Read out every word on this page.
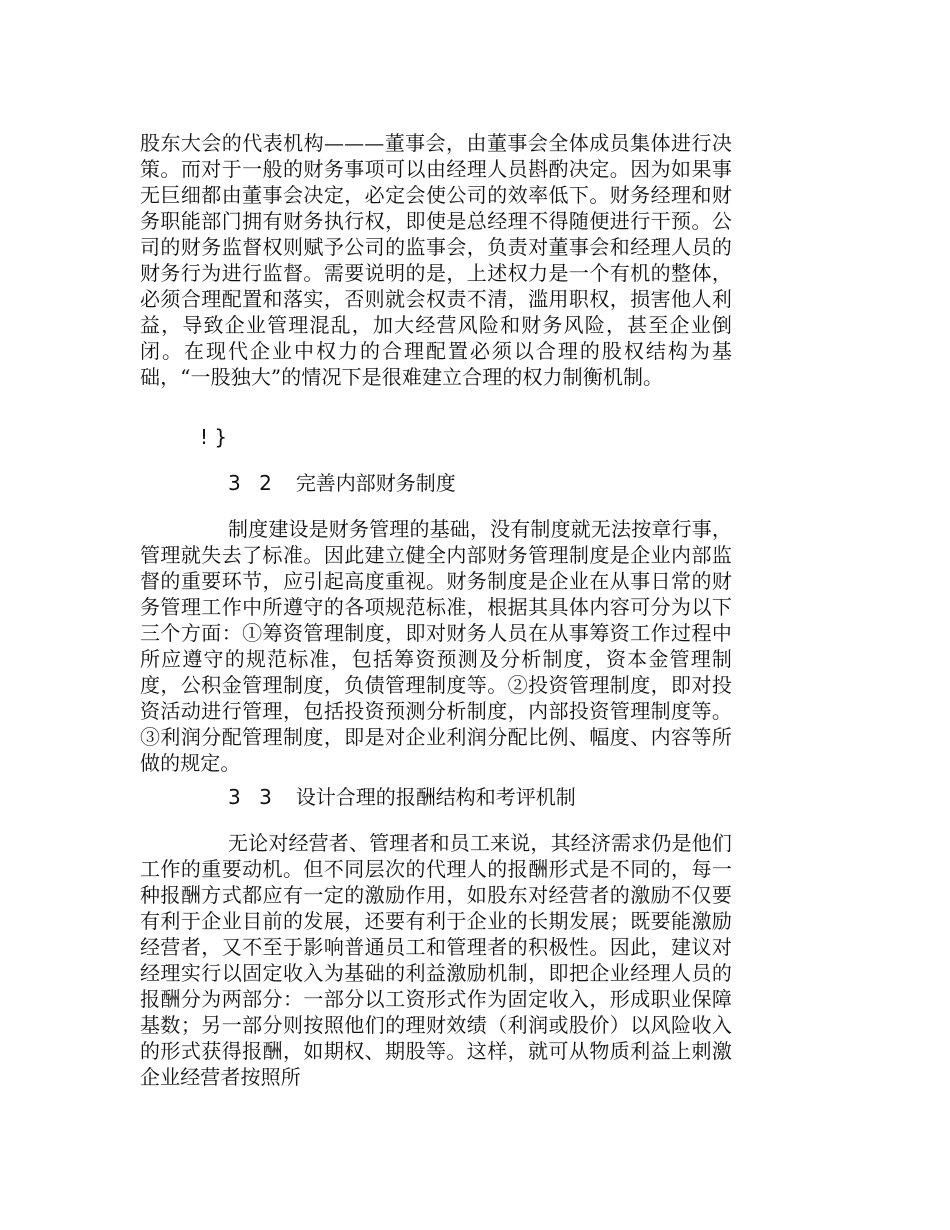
股东大会的代表机构———董事会，由董事会全体成员集体进行决策。而对于一般的财务事项可以由经理人员斟酌决定。因为如果事无巨细都由董事会决定，必定会使公司的效率低下。财务经理和财务职能部门拥有财务执行权，即使是总经理不得随便进行干预。公司的财务监督权则赋予公司的监事会，负责对董事会和经理人员的财务行为进行监督。需要说明的是，上述权力是一个有机的整体，必须合理配置和落实，否则就会权责不清，滥用职权，损害他人利益，导致企业管理混乱，加大经营风险和财务风险，甚至企业倒闭。在现代企业中权力的合理配置必须以合理的股权结构为基础，“一股独大”的情况下是很难建立合理的权力制衡机制。

! }

3 2 完善内部财务制度

制度建设是财务管理的基础，没有制度就无法按章行事，管理就失去了标准。因此建立健全内部财务管理制度是企业内部监督的重要环节，应引起高度重视。财务制度是企业在从事日常的财务管理工作中所遵守的各项规范标准，根据其具体内容可分为以下三个方面：①筹资管理制度，即对财务人员在从事筹资工作过程中所应遵守的规范标准，包括筹资预测及分析制度，资本金管理制度，公积金管理制度，负债管理制度等。②投资管理制度，即对投资活动进行管理，包括投资预测分析制度，内部投资管理制度等。③利润分配管理制度，即是对企业利润分配比例、幅度、内容等所做的规定。

3 3 设计合理的报酬结构和考评机制

无论对经营者、管理者和员工来说，其经济需求仍是他们工作的重要动机。但不同层次的代理人的报酬形式是不同的，每一种报酬方式都应有一定的激励作用，如股东对经营者的激励不仅要有利于企业目前的发展，还要有利于企业的长期发展；既要能激励经营者，又不至于影响普通员工和管理者的积极性。因此，建议对经理实行以固定收入为基础的利益激励机制，即把企业经理人员的报酬分为两部分：一部分以工资形式作为固定收入，形成职业保障基数；另一部分则按照他们的理财效绩（利润或股价）以风险收入的形式获得报酬，如期权、期股等。这样，就可从物质利益上刺激企业经营者按照所
